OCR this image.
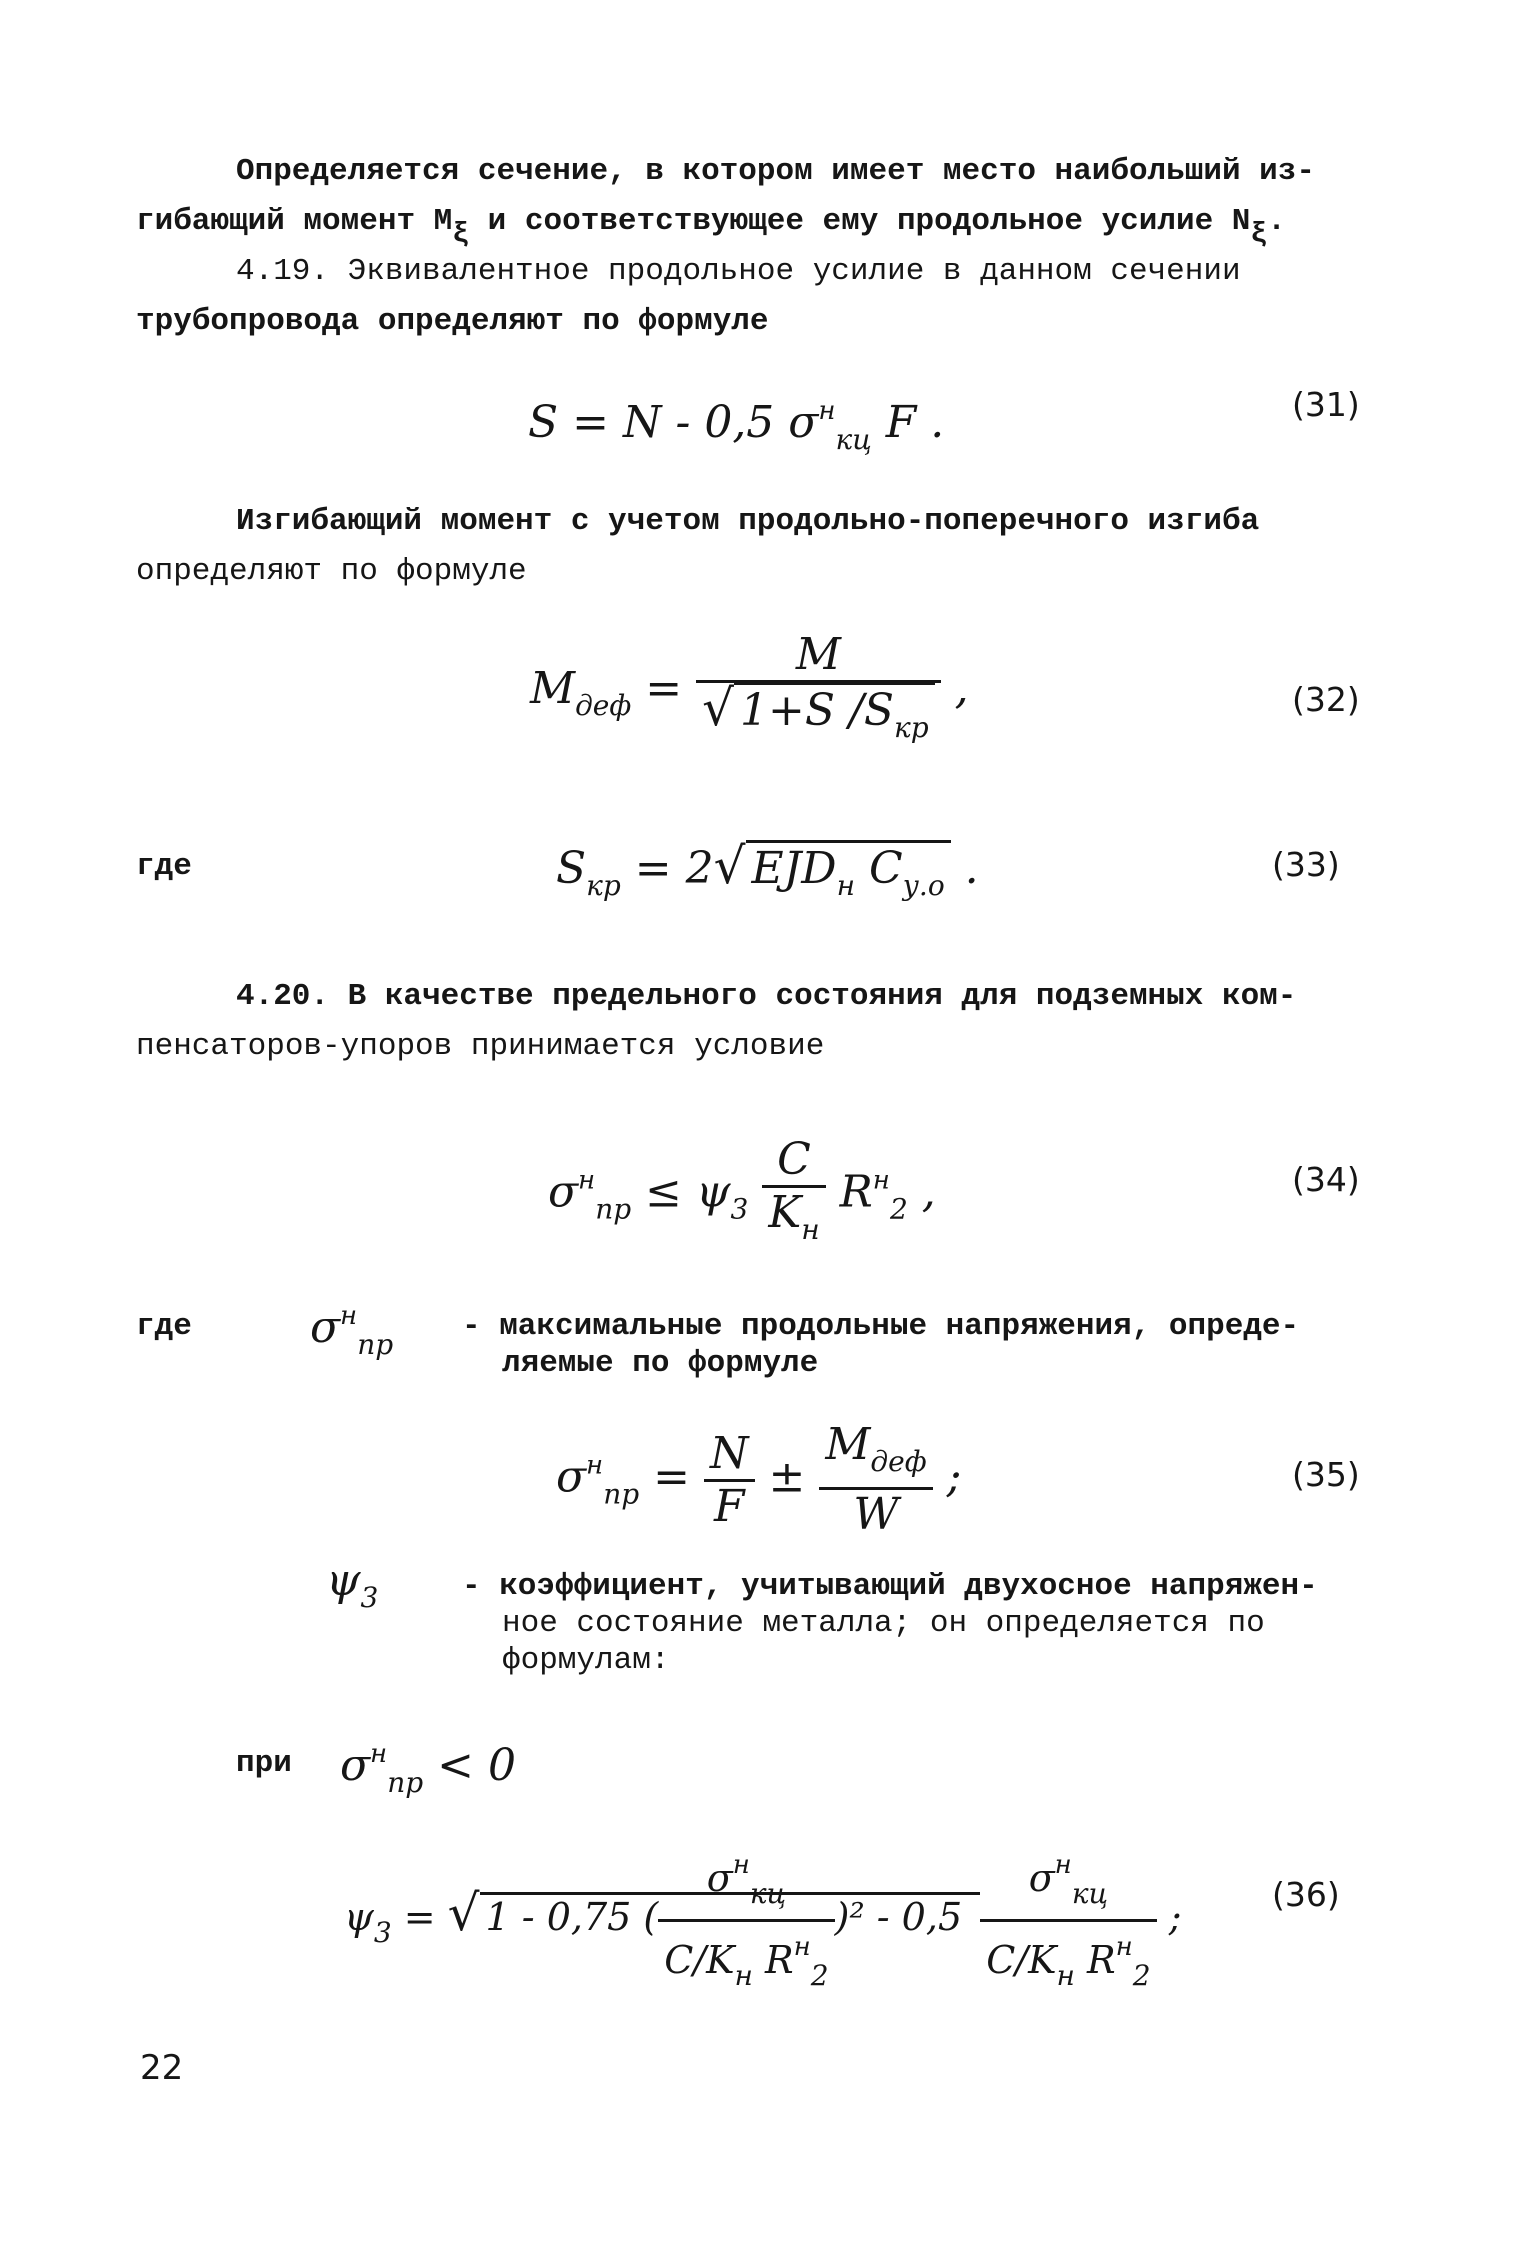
Определяется сечение, в котором имеет место наибольший из-
гибающий момент Mξ и соответствующее ему продольное усилие Nξ.
4.19. Эквивалентное продольное усилие в данном сечении
трубопровода определяют по формуле
S = N - 0,5 $\sigma^н_{кц}$ F .	(31)
Изгибающий момент с учетом продольно-поперечного изгиба
определяют по формуле
$M_{деф} = \frac{M}{√ 1+S /S_{кр}}$ ,	(32)
где	$S_{кр} = 2√$ $EJD_н$ $C_{у.о}$ .	(33)
4.20. В качестве предельного состояния для подземных ком-
пенсаторов-упоров принимается условие
$\sigma^н_{пр} \le \psi_3 \frac{C}{K_н} R^н_2$ ,	(34)
где	$\sigma^н_{пр}$
- максимальные продольные напряжения, опреде-
ляемые по формуле
$\sigma^н_{пр} = \frac{N}{F} \pm \frac{M_{деф}}{W}$ ;	(35)
$\psi_3$	- коэффициент, учитывающий двухосное напряжен-
ное состояние металла; он определяется по
формулам:
при $\sigma^н_{пр} < 0$
$\psi_3$ = √ 1 - 0,75 ( $\frac{\sigma^н_{кц}}{C/K_н R^н_2} )^2 - 0,5 \frac{\sigma^н_{кц}}{C/K_н R^н_2}$ ;
(36)
22
